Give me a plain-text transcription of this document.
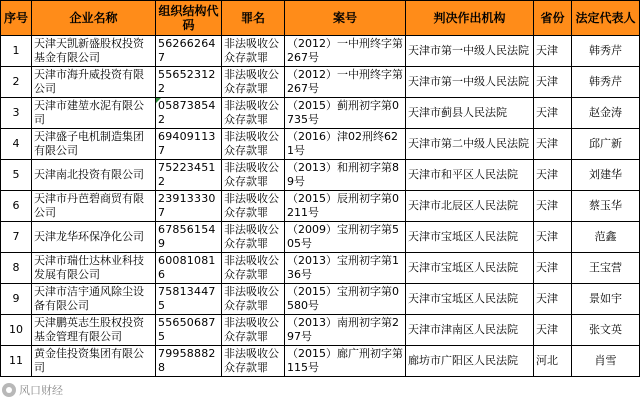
序号	企业名称	组织结构代码	罪名	案号	判决作出机构	省份	法定代表人
1	天津天凯新盛股权投资基金有限公司	562662647	非法吸收公众存款罪	（2012）一中刑终字第267号	天津市第一中级人民法院	天津	韩秀芹
2	天津市海升威投资有限公司	556523122	非法吸收公众存款罪	（2012）一中刑终字第267号	天津市第一中级人民法院	天津	韩秀芹
3	天津市建堃水泥有限公司	058738542	非法吸收公众存款罪	（2015）蓟刑初字第0735号	天津市蓟县人民法院	天津	赵金涛
4	天津盛子电机制造集团有限公司	694091137	非法吸收公众存款罪	（2016）津02刑终621号	天津市第二中级人民法院	天津	邱广新
5	天津南北投资有限公司	752234512	非法吸收公众存款罪	（2013）和刑初字第89号	天津市和平区人民法院	天津	刘建华
6	天津市丹芭碧商贸有限公司	239133307	非法吸收公众存款罪	（2015）辰刑初字第0211号	天津市北辰区人民法院	天津	蔡玉华
7	天津龙华环保净化公司	678561549	非法吸收公众存款罪	（2009）宝刑初字第505号	天津市宝坻区人民法院	天津	范鑫
8	天津市瑞仕达林业科技发展有限公司	600810816	非法吸收公众存款罪	（2013）宝刑初字第136号	天津市宝坻区人民法院	天津	王宝营
9	天津市洁宇通风除尘设备有限公司	758134475	非法吸收公众存款罪	（2015）宝刑初字第0580号	天津市宝坻区人民法院	天津	景如宇
10	天津鹏英志生股权投资基金管理有限公司	556506875	非法吸收公众存款罪	（2013）南刑初字第297号	天津市津南区人民法院	天津	张文英
11	黄金佳投资集团有限公司	799588828	非法吸收公众存款罪	（2015）廊广刑初字第115号	廊坊市广阳区人民法院	河北	肖雪
风口财经
